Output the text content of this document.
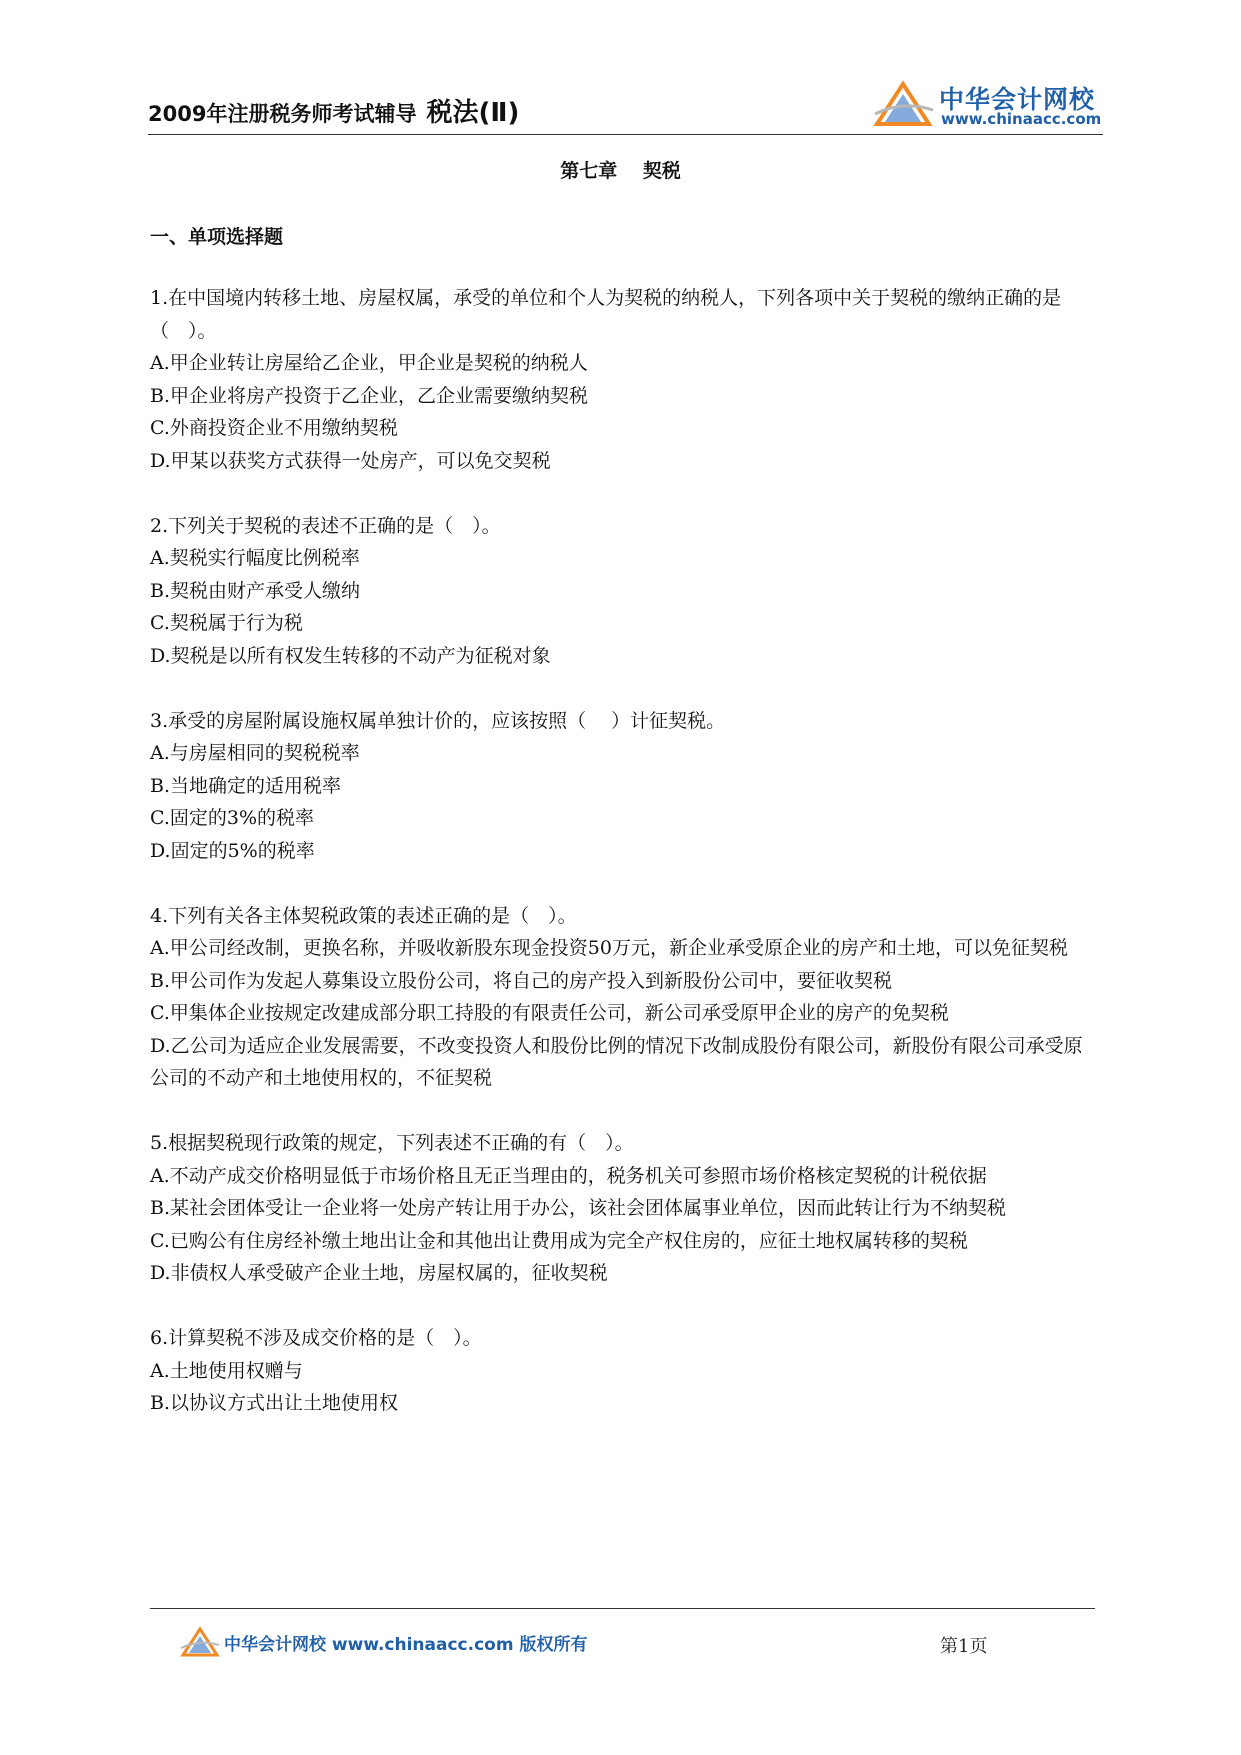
2009年注册税务师考试辅导 税法(Ⅱ)	中华会计网校
www.chinaacc.com
第七章　 契税
一、单项选择题

1.在中国境内转移土地、房屋权属，承受的单位和个人为契税的纳税人，下列各项中关于契税的缴纳正确的是（　）。

A.甲企业转让房屋给乙企业，甲企业是契税的纳税人

B.甲企业将房产投资于乙企业，乙企业需要缴纳契税

C.外商投资企业不用缴纳契税

D.甲某以获奖方式获得一处房产，可以免交契税

2.下列关于契税的表述不正确的是（　）。

A.契税实行幅度比例税率

B.契税由财产承受人缴纳

C.契税属于行为税

D.契税是以所有权发生转移的不动产为征税对象

3.承受的房屋附属设施权属单独计价的，应该按照（　 ）计征契税。

A.与房屋相同的契税税率

B.当地确定的适用税率

C.固定的3%的税率

D.固定的5%的税率

4.下列有关各主体契税政策的表述正确的是（　）。

A.甲公司经改制，更换名称，并吸收新股东现金投资50万元，新企业承受原企业的房产和土地，可以免征契税

B.甲公司作为发起人募集设立股份公司，将自己的房产投入到新股份公司中，要征收契税

C.甲集体企业按规定改建成部分职工持股的有限责任公司，新公司承受原甲企业的房产的免契税

D.乙公司为适应企业发展需要，不改变投资人和股份比例的情况下改制成股份有限公司，新股份有限公司承受原公司的不动产和土地使用权的，不征契税

5.根据契税现行政策的规定，下列表述不正确的有（　）。

A.不动产成交价格明显低于市场价格且无正当理由的，税务机关可参照市场价格核定契税的计税依据

B.某社会团体受让一企业将一处房产转让用于办公，该社会团体属事业单位，因而此转让行为不纳契税

C.已购公有住房经补缴土地出让金和其他出让费用成为完全产权住房的，应征土地权属转移的契税

D.非债权人承受破产企业土地，房屋权属的，征收契税

6.计算契税不涉及成交价格的是（　）。

A.土地使用权赠与

B.以协议方式出让土地使用权

中华会计网校 www.chinaacc.com 版权所有	第1页
